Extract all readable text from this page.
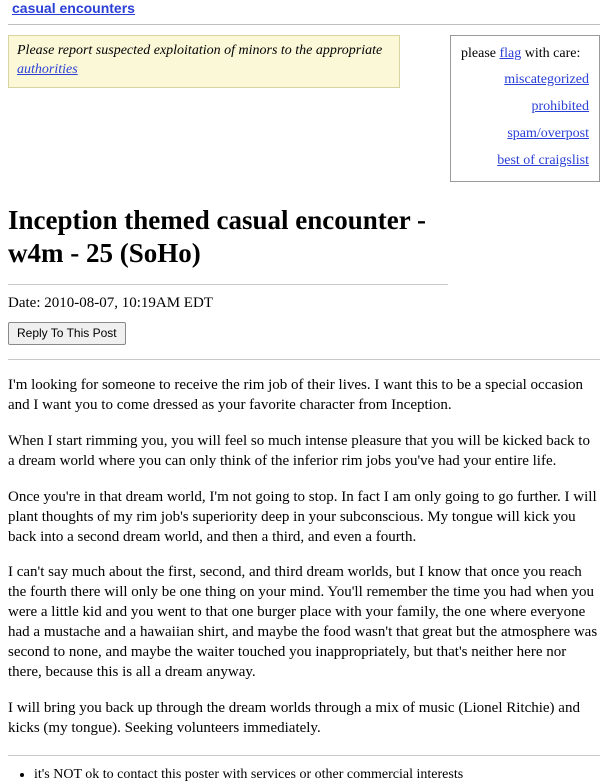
casual encounters
Please report suspected exploitation of minors to the appropriate authorities
please flag with care:
miscategorized
prohibited
spam/overpost
best of craigslist
Inception themed casual encounter - w4m - 25 (SoHo)
Date: 2010-08-07, 10:19AM EDT
Reply To This Post

I'm looking for someone to receive the rim job of their lives. I want this to be a special occasion and I want you to come dressed as your favorite character from Inception.

When I start rimming you, you will feel so much intense pleasure that you will be kicked back to a dream world where you can only think of the inferior rim jobs you've had your entire life.

Once you're in that dream world, I'm not going to stop. In fact I am only going to go further. I will plant thoughts of my rim job's superiority deep in your subconscious. My tongue will kick you back into a second dream world, and then a third, and even a fourth.

I can't say much about the first, second, and third dream worlds, but I know that once you reach the fourth there will only be one thing on your mind. You'll remember the time you had when you were a little kid and you went to that one burger place with your family, the one where everyone had a mustache and a hawaiian shirt, and maybe the food wasn't that great but the atmosphere was second to none, and maybe the waiter touched you inappropriately, but that's neither here nor there, because this is all a dream anyway.

I will bring you back up through the dream worlds through a mix of music (Lionel Ritchie) and kicks (my tongue). Seeking volunteers immediately.

• it's NOT ok to contact this poster with services or other commercial interests
